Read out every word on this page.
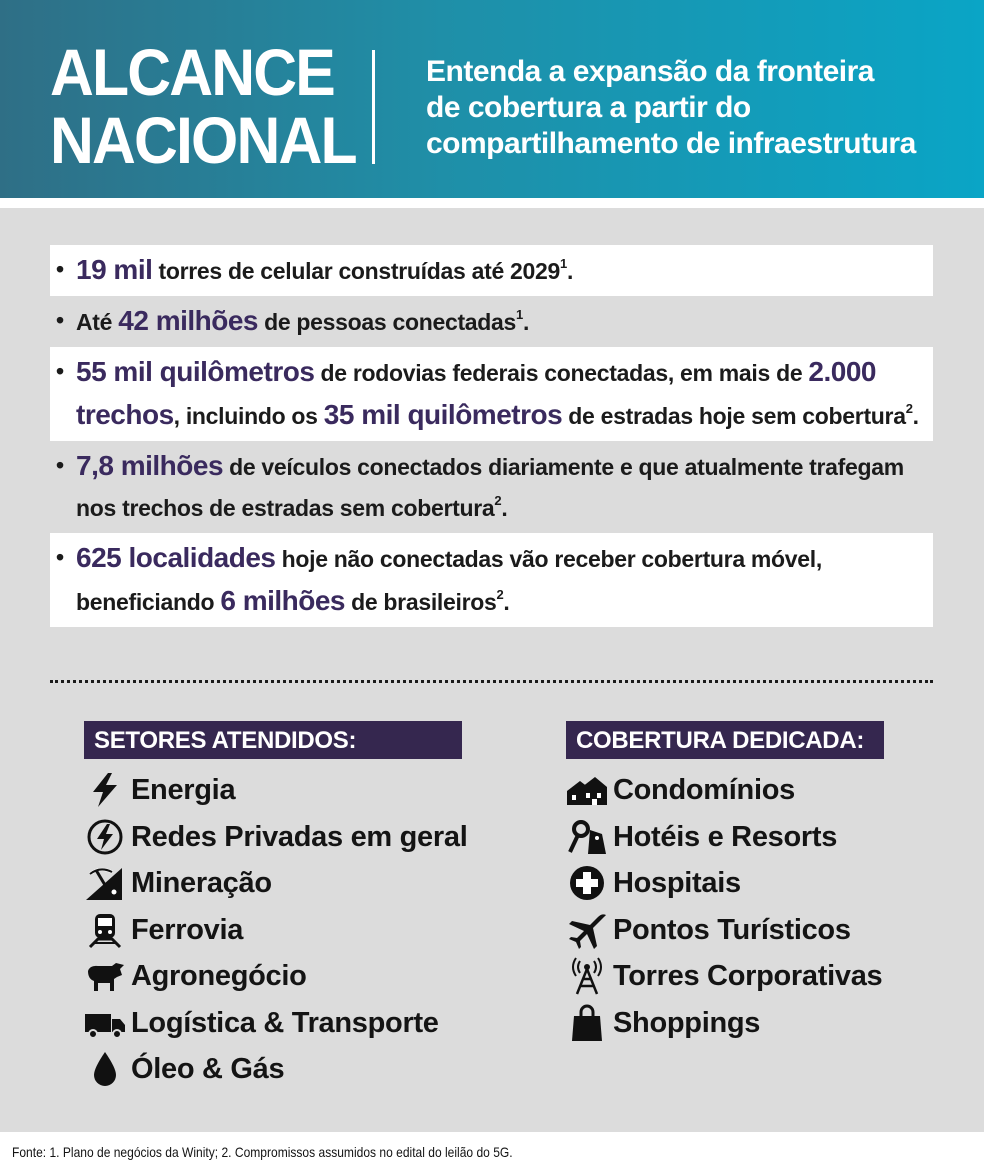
ALCANCE
NACIONAL
Entenda a expansão da fronteira
de cobertura a partir do
compartilhamento de infraestrutura
• 19 mil torres de celular construídas até 2029$^1$.
• Até 42 milhões de pessoas conectadas$^1$.
• 55 mil quilômetros de rodovias federais conectadas, em mais de 2.000 trechos, incluindo os 35 mil quilômetros de estradas hoje sem cobertura$^2$.
• 7,8 milhões de veículos conectados diariamente e que atualmente trafegam nos trechos de estradas sem cobertura$^2$.
• 625 localidades hoje não conectadas vão receber cobertura móvel, beneficiando 6 milhões de brasileiros$^2$.
SETORES ATENDIDOS:
Energia
Redes Privadas em geral
Mineração
Ferrovia
Agronegócio
Logística & Transporte
Óleo & Gás
COBERTURA DEDICADA:
Condomínios
Hotéis e Resorts
Hospitais
Pontos Turísticos
Torres Corporativas
Shoppings
Fonte: 1. Plano de negócios da Winity; 2. Compromissos assumidos no edital do leilão do 5G.
